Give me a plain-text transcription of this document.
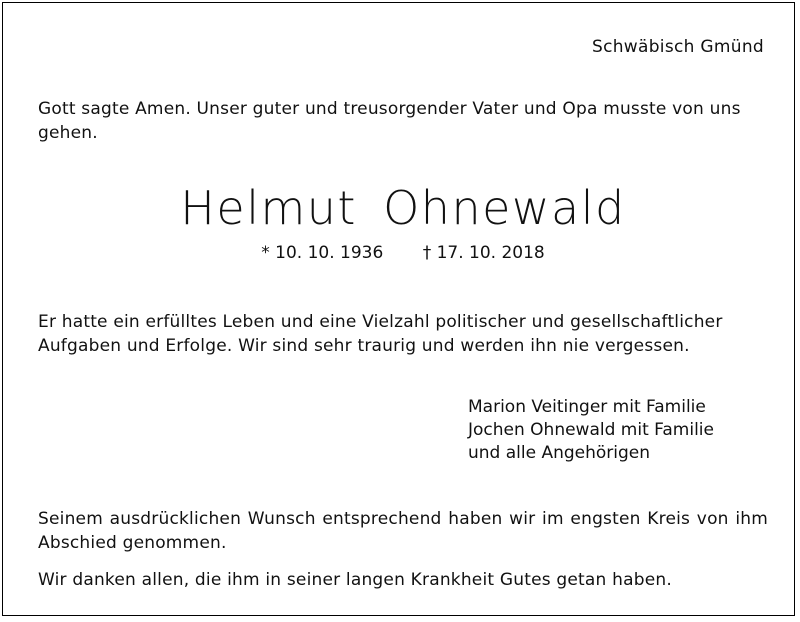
Schwäbisch Gmünd
Gott sagte Amen. Unser guter und treusorgender Vater und Opa musste von uns gehen.
Helmut Ohnewald
* 10. 10. 1936 † 17. 10. 2018
Er hatte ein erfülltes Leben und eine Vielzahl politischer und gesellschaftlicher Aufgaben und Erfolge. Wir sind sehr traurig und werden ihn nie vergessen.
Marion Veitinger mit Familie
Jochen Ohnewald mit Familie
und alle Angehörigen
Seinem ausdrücklichen Wunsch entsprechend haben wir im engsten Kreis von ihm Abschied genommen.
Wir danken allen, die ihm in seiner langen Krankheit Gutes getan haben.
